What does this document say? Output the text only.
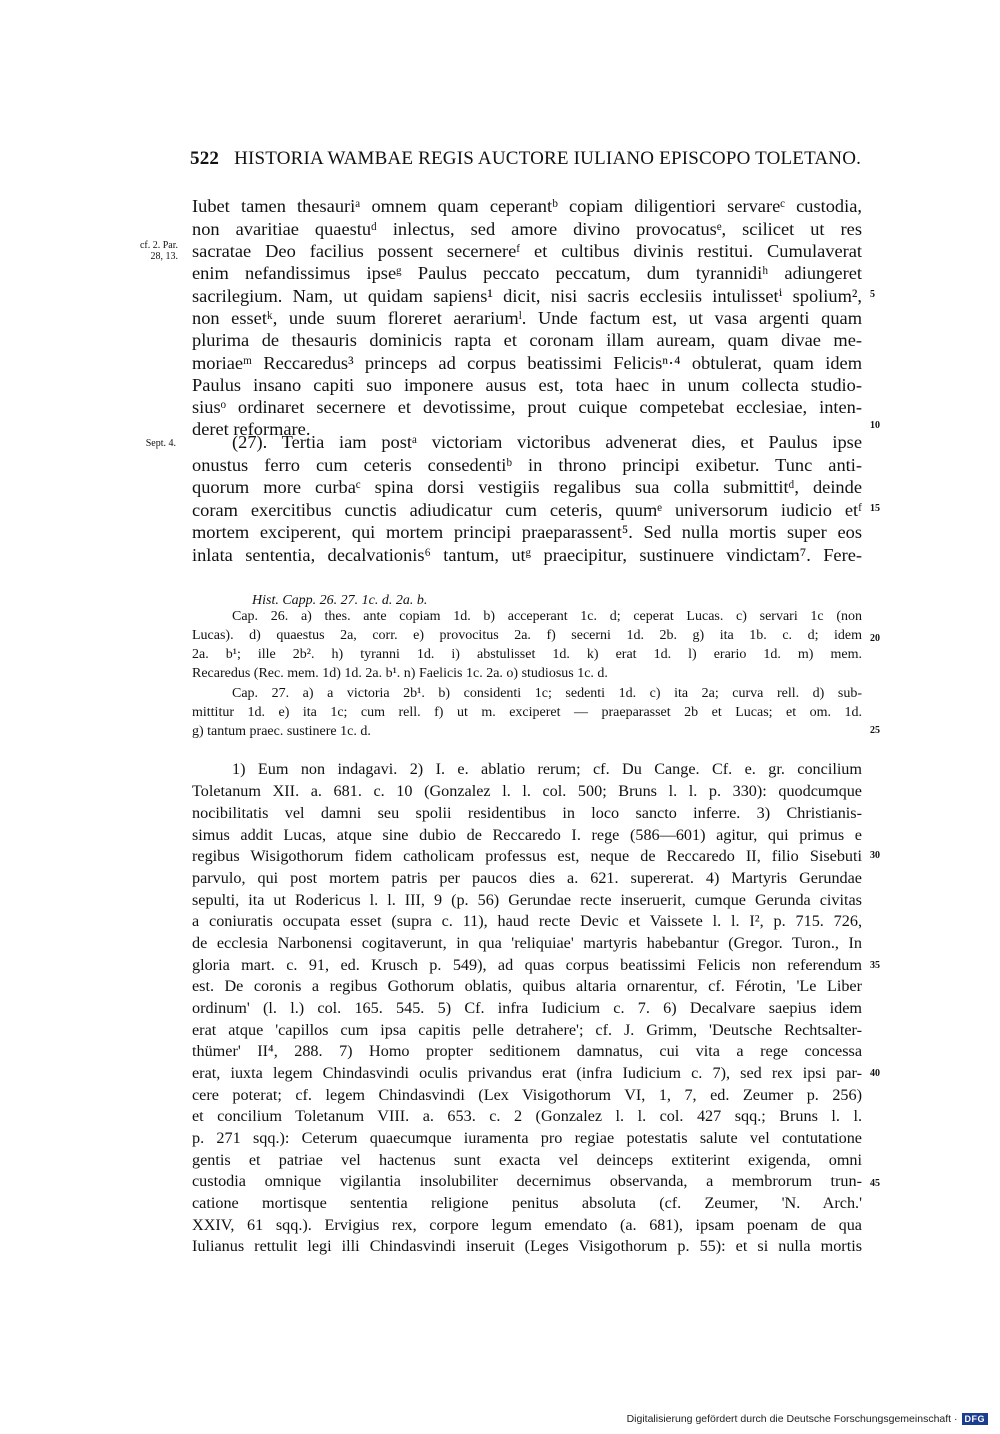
522 HISTORIA WAMBAE REGIS AUCTORE IULIANO EPISCOPO TOLETANO.
Iubet tamen thesauriᵃ omnem quam ceperantᵇ copiam diligentiori servareᶜ custodia,
non avaritiae quaestuᵈ inlectus, sed amore divino provocatusᵉ, scilicet ut res
sacratae Deo facilius possent secernereᶠ et cultibus divinis restitui. Cumulaverat
enim nefandissimus ipseᵍ Paulus peccato peccatum, dum tyrannidiʰ adiungeret
sacrilegium. Nam, ut quidam sapiens¹ dicit, nisi sacris ecclesiis intulissetⁱ spolium²,
non essetᵏ, unde suum floreret aerariumˡ. Unde factum est, ut vasa argenti quam
plurima de thesauris dominicis rapta et coronam illam auream, quam divae me-
moriaeᵐ Reccaredus³ princeps ad corpus beatissimi Felicisⁿ·⁴ obtulerat, quam idem
Paulus insano capiti suo imponere ausus est, tota haec in unum collecta studio-
siusᵒ ordinaret secernere et devotissime, prout cuique competebat ecclesiae, inten-
deret reformare.
(27). Tertia iam postᵃ victoriam victoribus advenerat dies, et Paulus ipse
onustus ferro cum ceteris consedentiᵇ in throno principi exibetur. Tunc anti-
quorum more curbaᶜ spina dorsi vestigiis regalibus sua colla submittitᵈ, deinde
coram exercitibus cunctis adiudicatur cum ceteris, quumᵉ universorum iudicio etᶠ
mortem exciperent, qui mortem principi praeparassent⁵. Sed nulla mortis super eos
inlata sententia, decalvationis⁶ tantum, utᵍ praecipitur, sustinuere vindictam⁷. Fere-
cf. 2. Par. 28, 13.
Sept. 4.
5
10
15
20
25
30
35
40
45
Hist. Capp. 26. 27. 1c. d. 2a. b.
Cap. 26. a) thes. ante copiam 1d. b) acceperant 1c. d; ceperat Lucas. c) servari 1c (non
Lucas). d) quaestus 2a, corr. e) provocitus 2a. f) secerni 1d. 2b. g) ita 1b. c. d; idem
2a. b¹; ille 2b². h) tyranni 1d. i) abstulisset 1d. k) erat 1d. l) erario 1d. m) mem.
Recaredus (Rec. mem. 1d) 1d. 2a. b¹. n) Faelicis 1c. 2a. o) studiosus 1c. d.
Cap. 27. a) a victoria 2b¹. b) considenti 1c; sedenti 1d. c) ita 2a; curva rell. d) sub-
mittitur 1d. e) ita 1c; cum rell. f) ut m. exciperet — praeparasset 2b et Lucas; et om. 1d.
g) tantum praec. sustinere 1c. d.
1) Eum non indagavi. 2) I. e. ablatio rerum; cf. Du Cange. Cf. e. gr. concilium
Toletanum XII. a. 681. c. 10 (Gonzalez l. l. col. 500; Bruns l. l. p. 330): quodcumque
nocibilitatis vel damni seu spolii residentibus in loco sancto inferre. 3) Christianis-
simus addit Lucas, atque sine dubio de Reccaredo I. rege (586—601) agitur, qui primus e
regibus Wisigothorum fidem catholicam professus est, neque de Reccaredo II, filio Sisebuti
parvulo, qui post mortem patris per paucos dies a. 621. supererat. 4) Martyris Gerundae
sepulti, ita ut Rodericus l. l. III, 9 (p. 56) Gerundae recte inseruerit, cumque Gerunda civitas
a coniuratis occupata esset (supra c. 11), haud recte Devic et Vaissete l. l. I², p. 715. 726,
de ecclesia Narbonensi cogitaverunt, in qua 'reliquiae' martyris habebantur (Gregor. Turon., In
gloria mart. c. 91, ed. Krusch p. 549), ad quas corpus beatissimi Felicis non referendum
est. De coronis a regibus Gothorum oblatis, quibus altaria ornarentur, cf. Férotin, 'Le Liber
ordinum' (l. l.) col. 165. 545. 5) Cf. infra Iudicium c. 7. 6) Decalvare saepius idem
erat atque 'capillos cum ipsa capitis pelle detrahere'; cf. J. Grimm, 'Deutsche Rechtsalter-
thümer' II⁴, 288. 7) Homo propter seditionem damnatus, cui vita a rege concessa
erat, iuxta legem Chindasvindi oculis privandus erat (infra Iudicium c. 7), sed rex ipsi par-
cere poterat; cf. legem Chindasvindi (Lex Visigothorum VI, 1, 7, ed. Zeumer p. 256)
et concilium Toletanum VIII. a. 653. c. 2 (Gonzalez l. l. col. 427 sqq.; Bruns l. l.
p. 271 sqq.): Ceterum quaecumque iuramenta pro regiae potestatis salute vel contutatione
gentis et patriae vel hactenus sunt exacta vel deinceps extiterint exigenda, omni
custodia omnique vigilantia insolubiliter decernimus observanda, a membrorum trun-
catione mortisque sententia religione penitus absoluta (cf. Zeumer, 'N. Arch.'
XXIV, 61 sqq.). Ervigius rex, corpore legum emendato (a. 681), ipsam poenam de qua
Iulianus rettulit legi illi Chindasvindi inseruit (Leges Visigothorum p. 55): et si nulla mortis
Digitalisierung gefördert durch die Deutsche Forschungsgemeinschaft · DFG
